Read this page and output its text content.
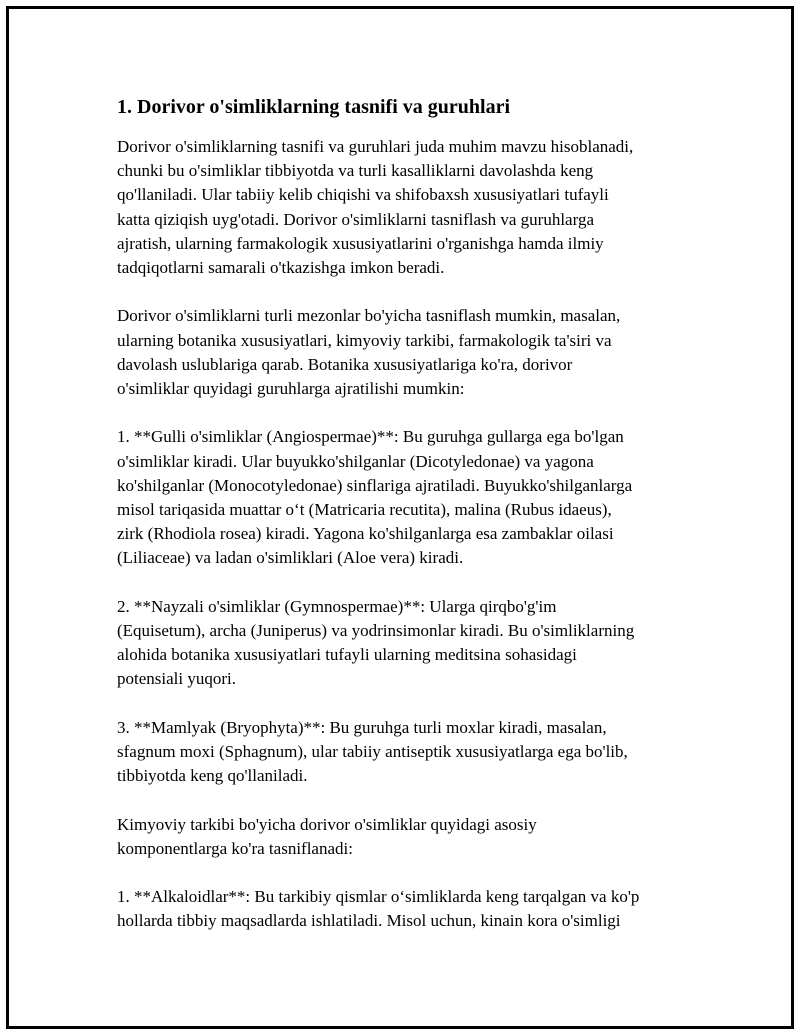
1. Dorivor o'simliklarning tasnifi va guruhlari
Dorivor o'simliklarning tasnifi va guruhlari juda muhim mavzu hisoblanadi,
chunki bu o'simliklar tibbiyotda va turli kasalliklarni davolashda keng
qo'llaniladi. Ular tabiiy kelib chiqishi va shifobaxsh xususiyatlari tufayli
katta qiziqish uyg'otadi. Dorivor o'simliklarni tasniflash va guruhlarga
ajratish, ularning farmakologik xususiyatlarini o'rganishga hamda ilmiy
tadqiqotlarni samarali o'tkazishga imkon beradi.
Dorivor o'simliklarni turli mezonlar bo'yicha tasniflash mumkin, masalan,
ularning botanika xususiyatlari, kimyoviy tarkibi, farmakologik ta'siri va
davolash uslublariga qarab. Botanika xususiyatlariga ko'ra, dorivor
o'simliklar quyidagi guruhlarga ajratilishi mumkin:
1. **Gulli o'simliklar (Angiospermae)**: Bu guruhga gullarga ega bo'lgan
o'simliklar kiradi. Ular buyukko'shilganlar (Dicotyledonae) va yagona
ko'shilganlar (Monocotyledonae) sinflariga ajratiladi. Buyukko'shilganlarga
misol tariqasida muattar o‘t (Matricaria recutita), malina (Rubus idaeus),
zirk (Rhodiola rosea) kiradi. Yagona ko'shilganlarga esa zambaklar oilasi
(Liliaceae) va ladan o'simliklari (Aloe vera) kiradi.
2. **Nayzali o'simliklar (Gymnospermae)**: Ularga qirqbo'g'im
(Equisetum), archa (Juniperus) va yodrinsimonlar kiradi. Bu o'simliklarning
alohida botanika xususiyatlari tufayli ularning meditsina sohasidagi
potensiali yuqori.
3. **Mamlyak (Bryophyta)**: Bu guruhga turli moxlar kiradi, masalan,
sfagnum moxi (Sphagnum), ular tabiiy antiseptik xususiyatlarga ega bo'lib,
tibbiyotda keng qo'llaniladi.
Kimyoviy tarkibi bo'yicha dorivor o'simliklar quyidagi asosiy
komponentlarga ko'ra tasniflanadi:
1. **Alkaloidlar**: Bu tarkibiy qismlar o‘simliklarda keng tarqalgan va ko'p
hollarda tibbiy maqsadlarda ishlatiladi. Misol uchun, kinain kora o'simligi
